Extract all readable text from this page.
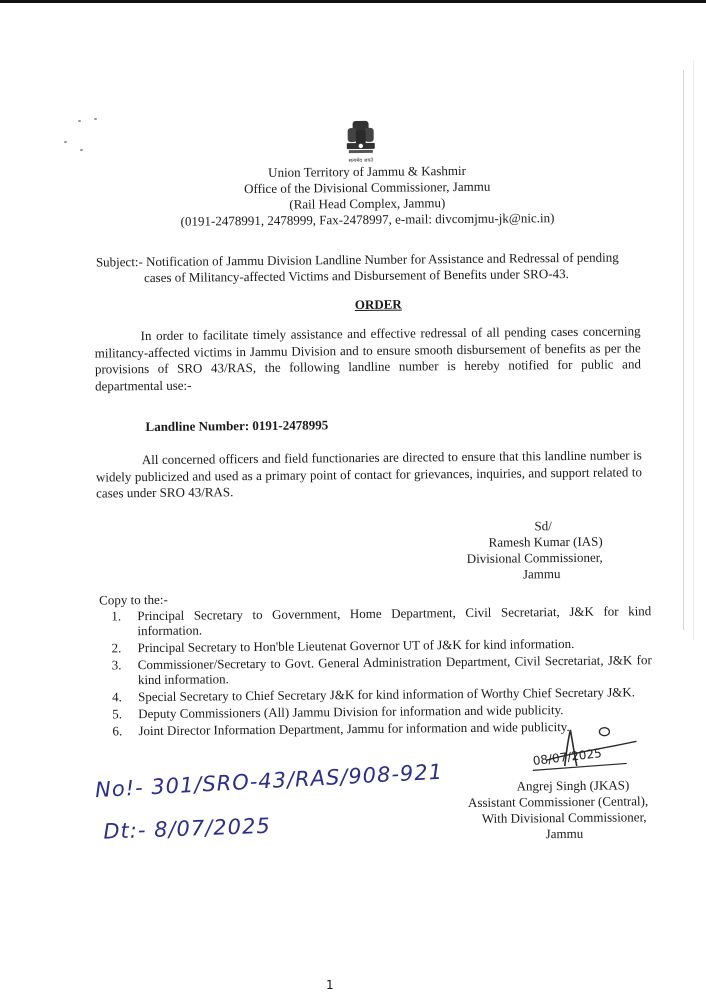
सत्यमेव जयते
Union Territory of Jammu & Kashmir
Office of the Divisional Commissioner, Jammu
(Rail Head Complex, Jammu)
(0191-2478991, 2478999, Fax-2478997, e-mail: divcomjmu-jk@nic.in)
Subject:- Notification of Jammu Division Landline Number for Assistance and Redressal of pending
cases of Militancy-affected Victims and Disbursement of Benefits under SRO-43.
ORDER
In order to facilitate timely assistance and effective redressal of all pending cases concerning militancy-affected victims in Jammu Division and to ensure smooth disbursement of benefits as per the provisions of SRO 43/RAS, the following landline number is hereby notified for public and departmental use:-
Landline Number: 0191-2478995
All concerned officers and field functionaries are directed to ensure that this landline number is widely publicized and used as a primary point of contact for grievances, inquiries, and support related to cases under SRO 43/RAS.
Sd/
Ramesh Kumar (IAS)
Divisional Commissioner,
Jammu
Copy to the:-
1.	Principal Secretary to Government, Home Department, Civil Secretariat, J&K for kind information.
2.	Principal Secretary to Hon'ble Lieutenat Governor UT of J&K for kind information.
3.	Commissioner/Secretary to Govt. General Administration Department, Civil Secretariat, J&K for kind information.
4.	Special Secretary to Chief Secretary J&K for kind information of Worthy Chief Secretary J&K.
5.	Deputy Commissioners (All) Jammu Division for information and wide publicity.
6.	Joint Director Information Department, Jammu for information and wide publicity.
08/07/2025
No!- 301/SRO-43/RAS/908-921
Dt:- 8/07/2025
Angrej Singh (JKAS)
Assistant Commissioner (Central),
With Divisional Commissioner,
Jammu
1
